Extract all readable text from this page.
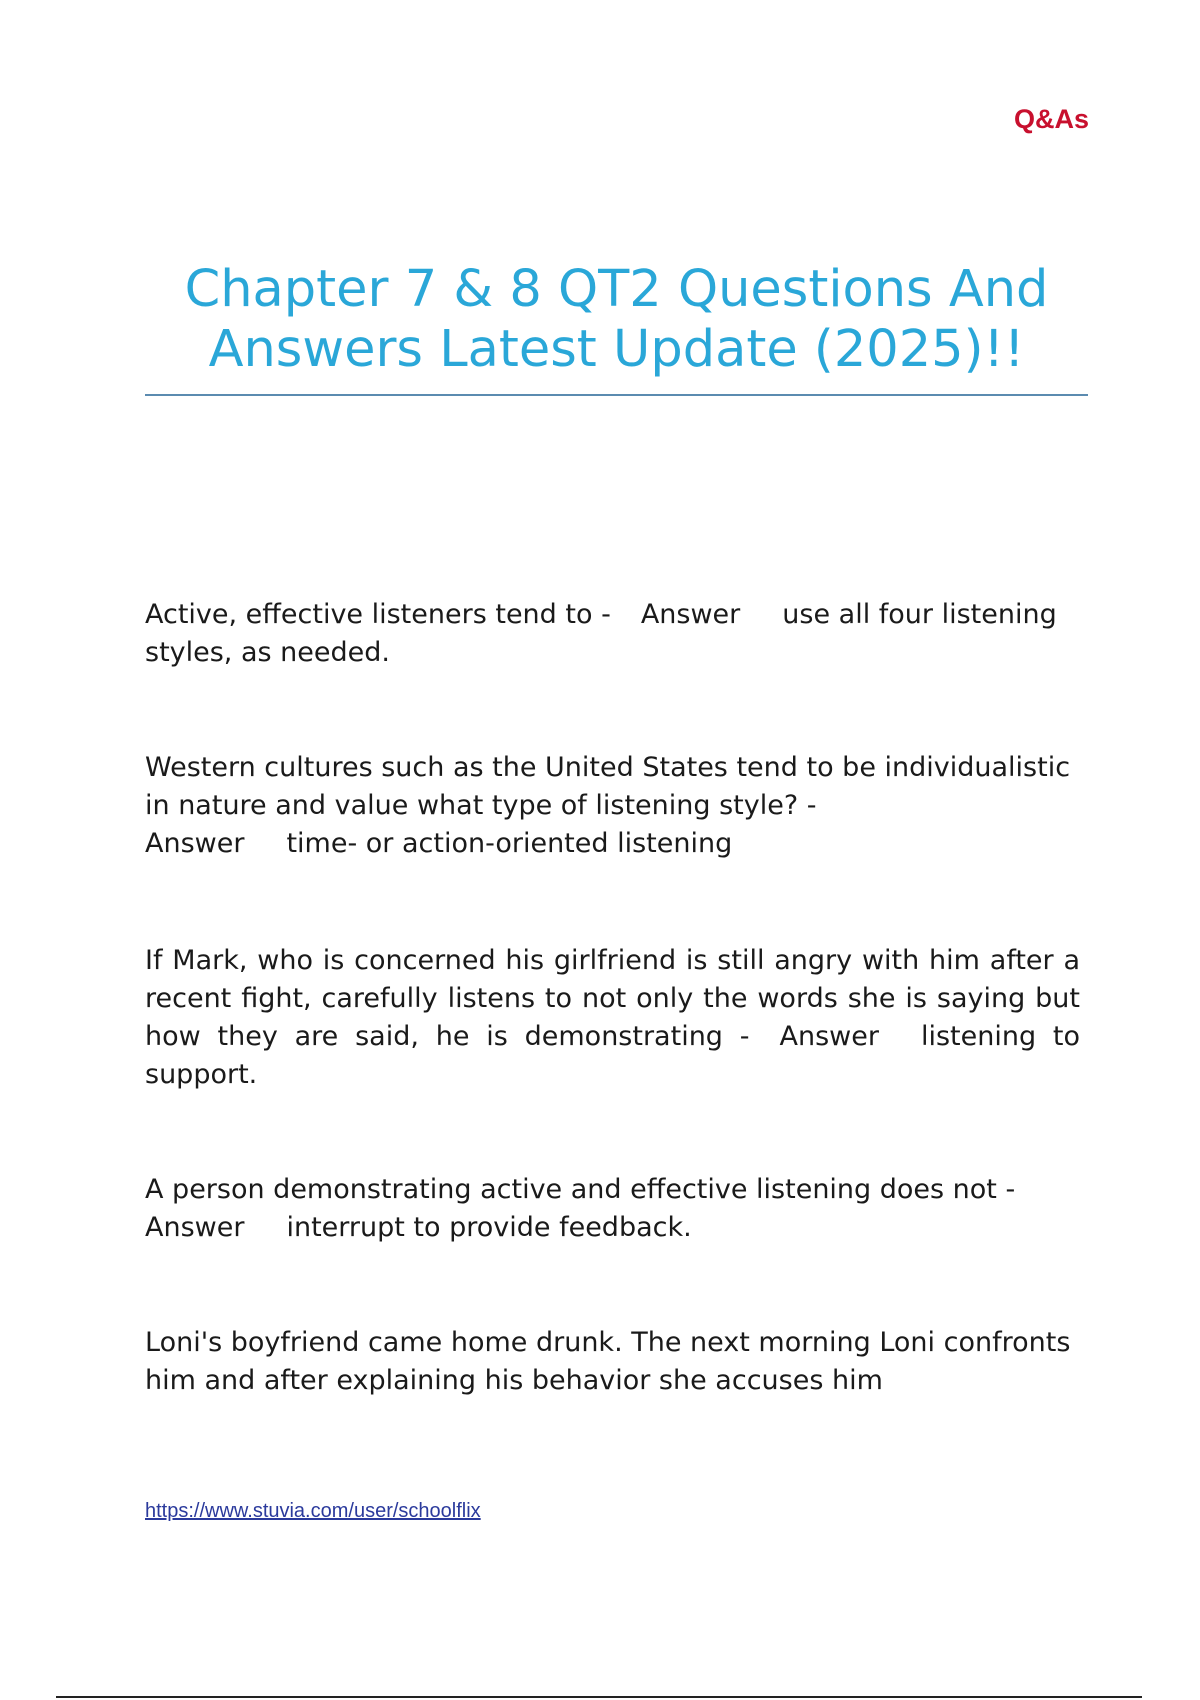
Q&As
Chapter 7 & 8 QT2 Questions And Answers Latest Update (2025)!!

Active, effective listeners tend to - Answer use all four listening styles, as needed.

Western cultures such as the United States tend to be individualistic in nature and value what type of listening style? -
Answer time- or action-oriented listening

If Mark, who is concerned his girlfriend is still angry with him after a recent fight, carefully listens to not only the words she is saying but how they are said, he is demonstrating - Answer listening to support.

A person demonstrating active and effective listening does not -
Answer interrupt to provide feedback.

Loni's boyfriend came home drunk. The next morning Loni confronts him and after explaining his behavior she accuses him

https://www.stuvia.com/user/schoolflix
